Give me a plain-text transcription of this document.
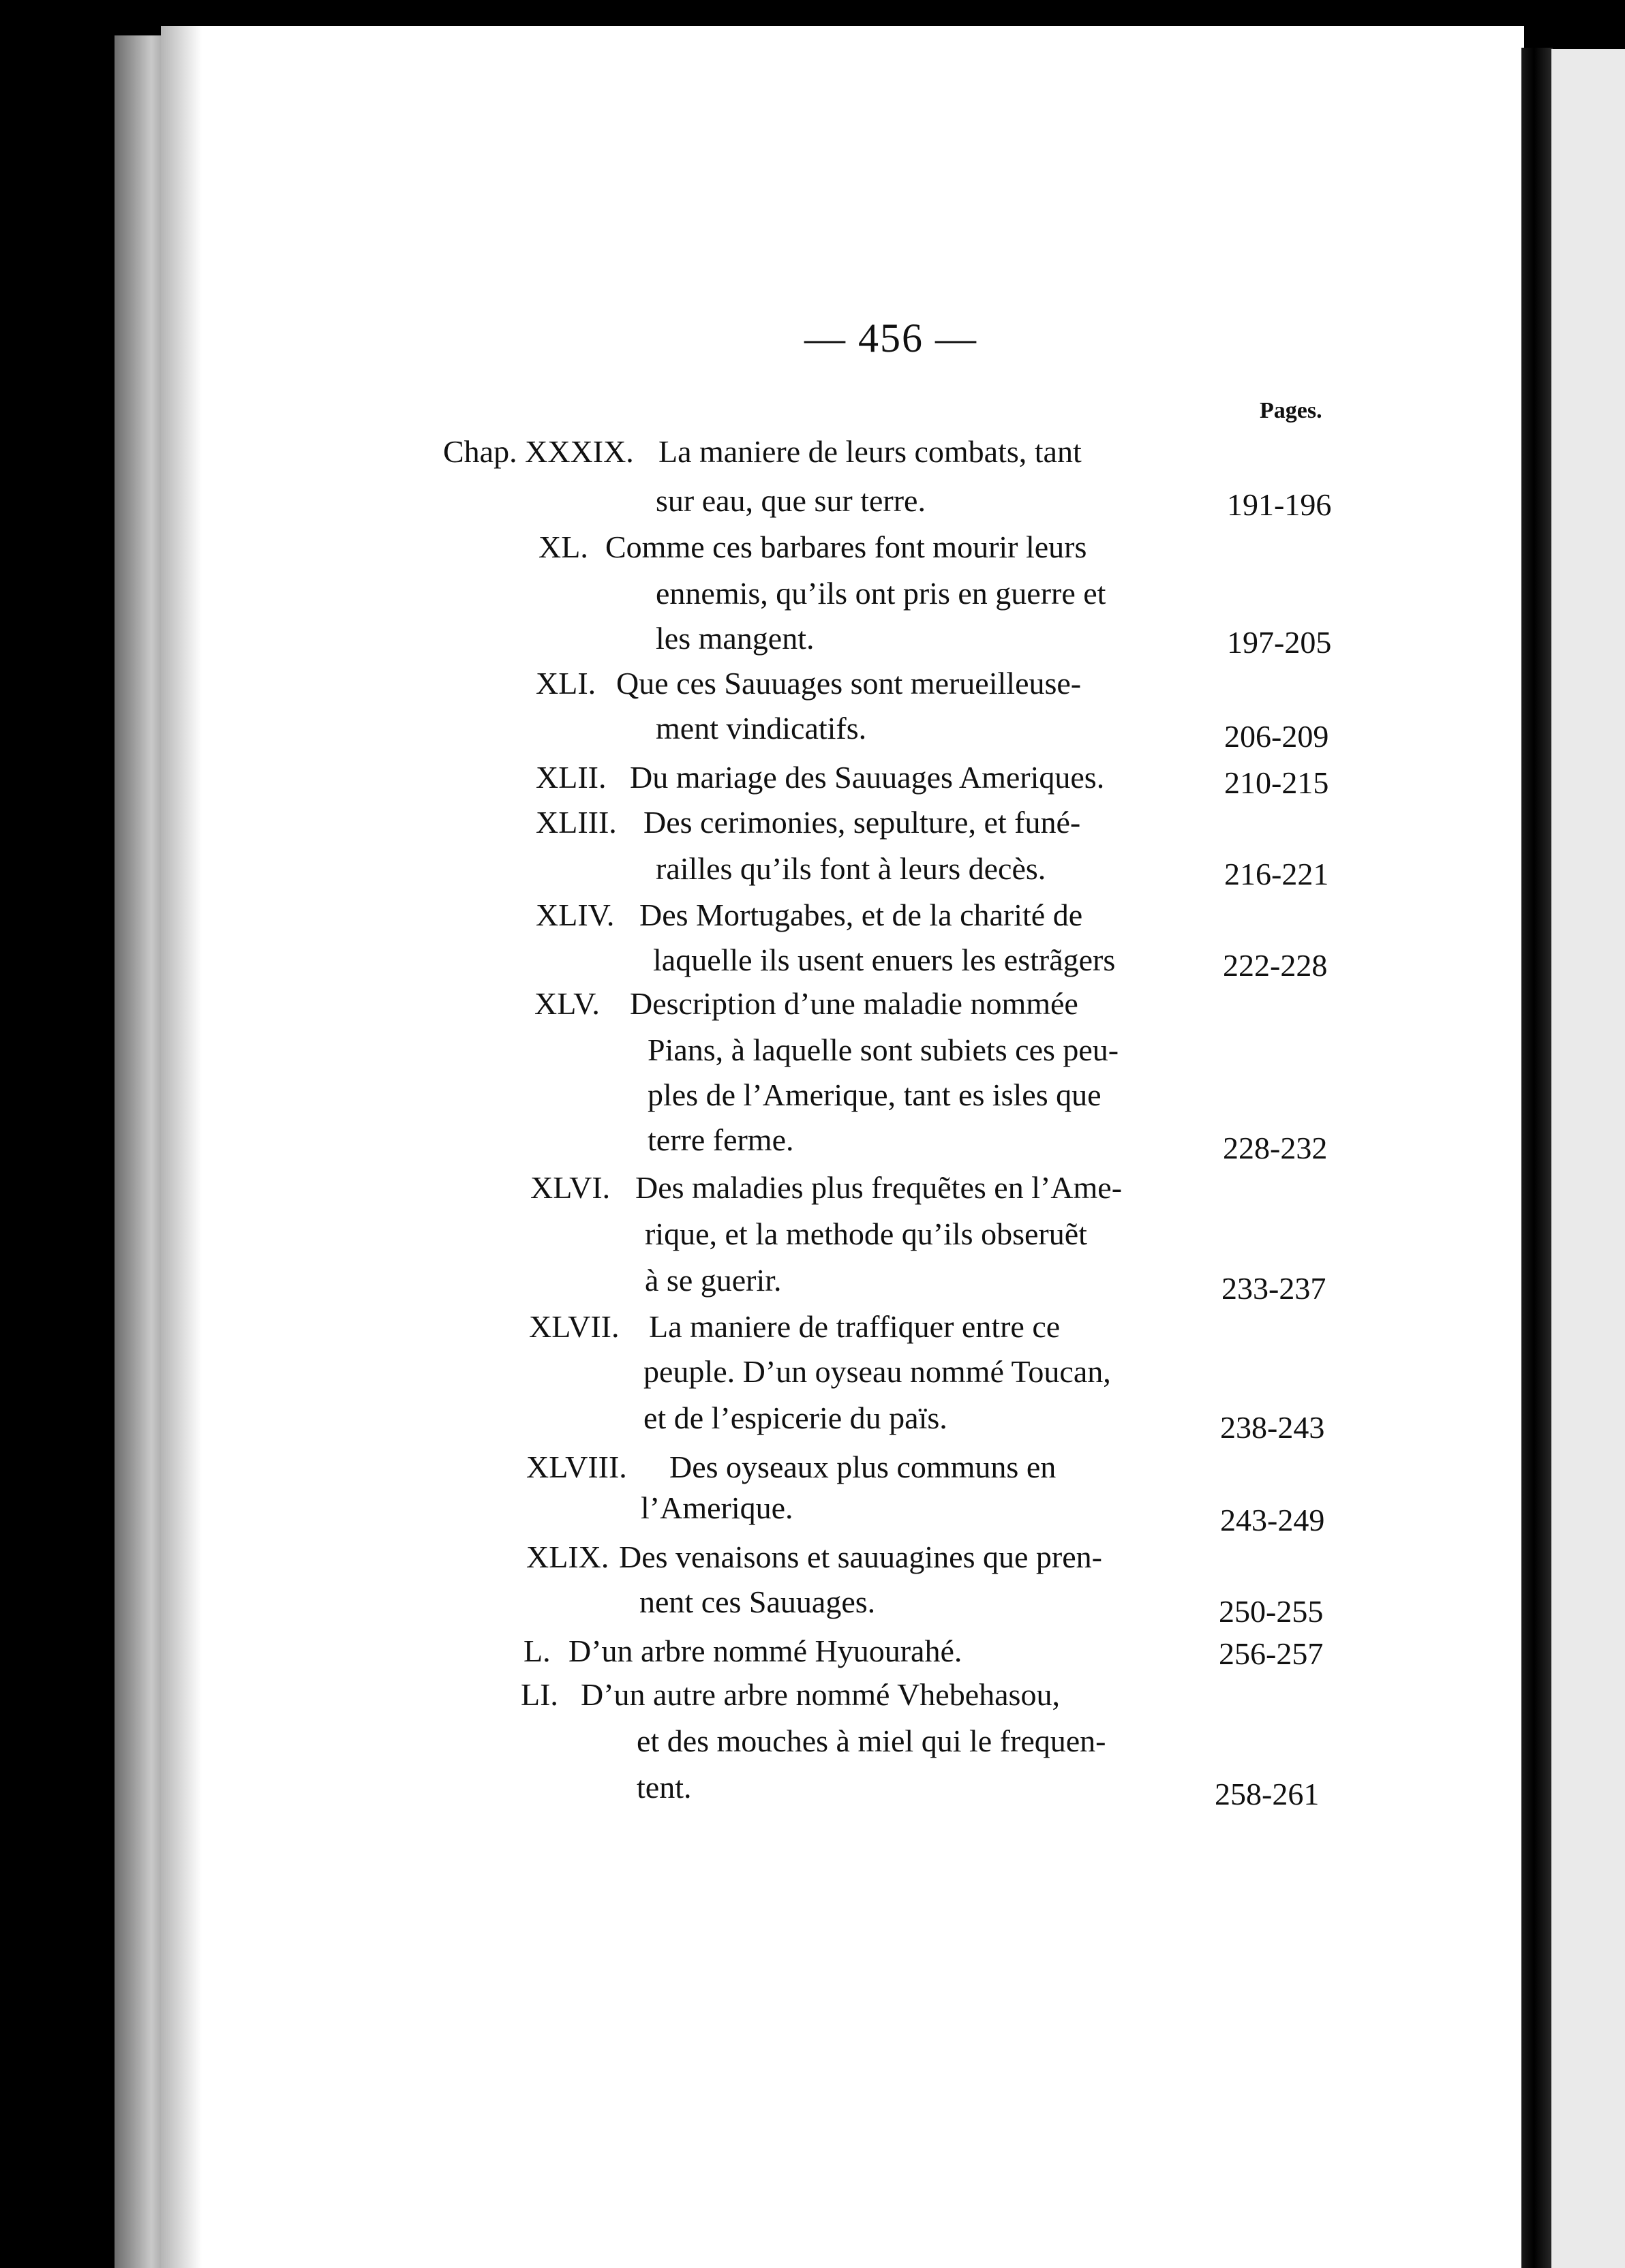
— 456 —
Pages.
Chap. XXXIX. La maniere de leurs combats, tant
sur eau, que sur terre.	191-196
XL. Comme ces barbares font mourir leurs
ennemis, qu’ils ont pris en guerre et
les mangent.	197-205
XLI. Que ces Sauuages sont merueilleuse-
ment vindicatifs.	206-209
XLII. Du mariage des Sauuages Ameriques.	210-215
XLIII. Des cerimonies, sepulture, et funé-
railles qu’ils font à leurs decès.	216-221
XLIV. Des Mortugabes, et de la charité de
laquelle ils usent enuers les estrãgers	222-228
XLV. Description d’une maladie nommée
Pians, à laquelle sont subiets ces peu-
ples de l’Amerique, tant es isles que
terre ferme.	228-232
XLVI. Des maladies plus frequẽtes en l’Ame-
rique, et la methode qu’ils obseruẽt
à se guerir.	233-237
XLVII. La maniere de traffiquer entre ce
peuple. D’un oyseau nommé Toucan,
et de l’espicerie du païs.	238-243
XLVIII. Des oyseaux plus communs en
l’Amerique.	243-249
XLIX. Des venaisons et sauuagines que pren-
nent ces Sauuages.	250-255
L. D’un arbre nommé Hyuourahé.	256-257
LI. D’un autre arbre nommé Vhebehasou,
et des mouches à miel qui le frequen-
tent.	258-261
